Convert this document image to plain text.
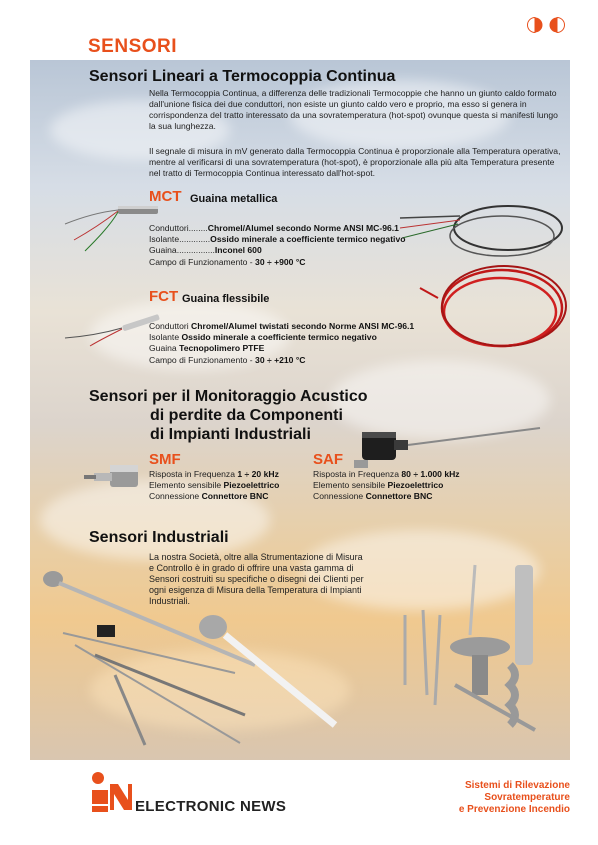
SENSORI
Sensori Lineari a Termocoppia Continua
Nella Termocoppia Continua, a differenza delle tradizionali Termocoppie che hanno un giunto caldo formato dall'unione fisica dei due conduttori, non esiste un giunto caldo vero e proprio, ma esso si genera in corrispondenza del tratto interessato da una sovratemperatura (hot-spot) ovunque questa si manifesti lungo la sua lunghezza.
Il segnale di misura in mV generato dalla Termocoppia Continua è proporzionale alla Temperatura operativa, mentre al verificarsi di una sovratemperatura (hot-spot), è proporzionale alla più alta Temperatura presente nel tratto di Termocoppia Continua interessato dall'hot-spot.
MCT Guaina metallica
Conduttori........Chromel/Alumel secondo Norme ANSI MC-96.1
Isolante.............Ossido minerale a coefficiente termico negativo
Guaina................Inconel 600
Campo di Funzionamento - 30 ÷ +900 °C
FCT Guaina flessibile
Conduttori Chromel/Alumel twistati secondo Norme ANSI MC-96.1
Isolante Ossido minerale a coefficiente termico negativo
Guaina Tecnopolimero PTFE
Campo di Funzionamento - 30 ÷ +210 °C
Sensori per il Monitoraggio Acustico
di perdite da Componenti
di Impianti Industriali
SMF
Risposta in Frequenza 1 ÷ 20 kHz
Elemento sensibile Piezoelettrico
Connessione Connettore BNC
SAF
Risposta in Frequenza 80 ÷ 1.000 kHz
Elemento sensibile Piezoelettrico
Connessione Connettore BNC
Sensori Industriali
La nostra Società, oltre alla Strumentazione di Misura e Controllo è in grado di offrire una vasta gamma di Sensori costruiti su specifiche o disegni dei Clienti per ogni esigenza di Misura della Temperatura di Impianti Industriali.
ELECTRONIC NEWS
Sistemi di Rilevazione
Sovratemperature
e Prevenzione Incendio
